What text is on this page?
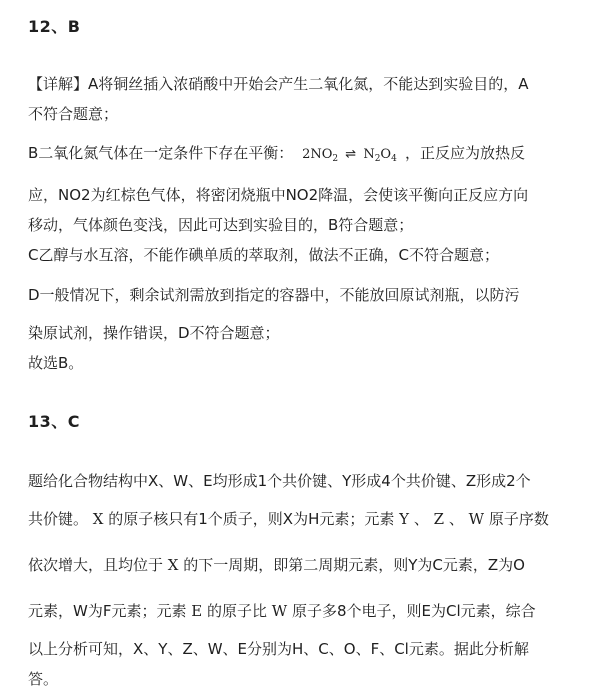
12、B
【详解】A将铜丝插入浓硝酸中开始会产生二氧化氮，不能达到实验目的，A
不符合题意；
B二氧化氮气体在一定条件下存在平衡： $2NO_2$ ⇌ $N_2O_4$ ，正反应为放热反
应，NO2为红棕色气体，将密闭烧瓶中NO2降温，会使该平衡向正反应方向
移动，气体颜色变浅，因此可达到实验目的，B符合题意；
C乙醇与水互溶，不能作碘单质的萃取剂，做法不正确，C不符合题意；
D一般情况下，剩余试剂需放到指定的容器中，不能放回原试剂瓶，以防污
染原试剂，操作错误，D不符合题意；
故选B。
13、C
题给化合物结构中X、W、E均形成1个共价键、Y形成4个共价键、Z形成2个
共价键。 X 的原子核只有1个质子，则X为H元素；元素 Y 、 Z 、 W 原子序数
依次增大，且均位于 X 的下一周期，即第二周期元素，则Y为C元素，Z为O
元素，W为F元素；元素 E 的原子比 W 原子多8个电子，则E为Cl元素，综合
以上分析可知，X、Y、Z、W、E分别为H、C、O、F、Cl元素。据此分析解
答。
